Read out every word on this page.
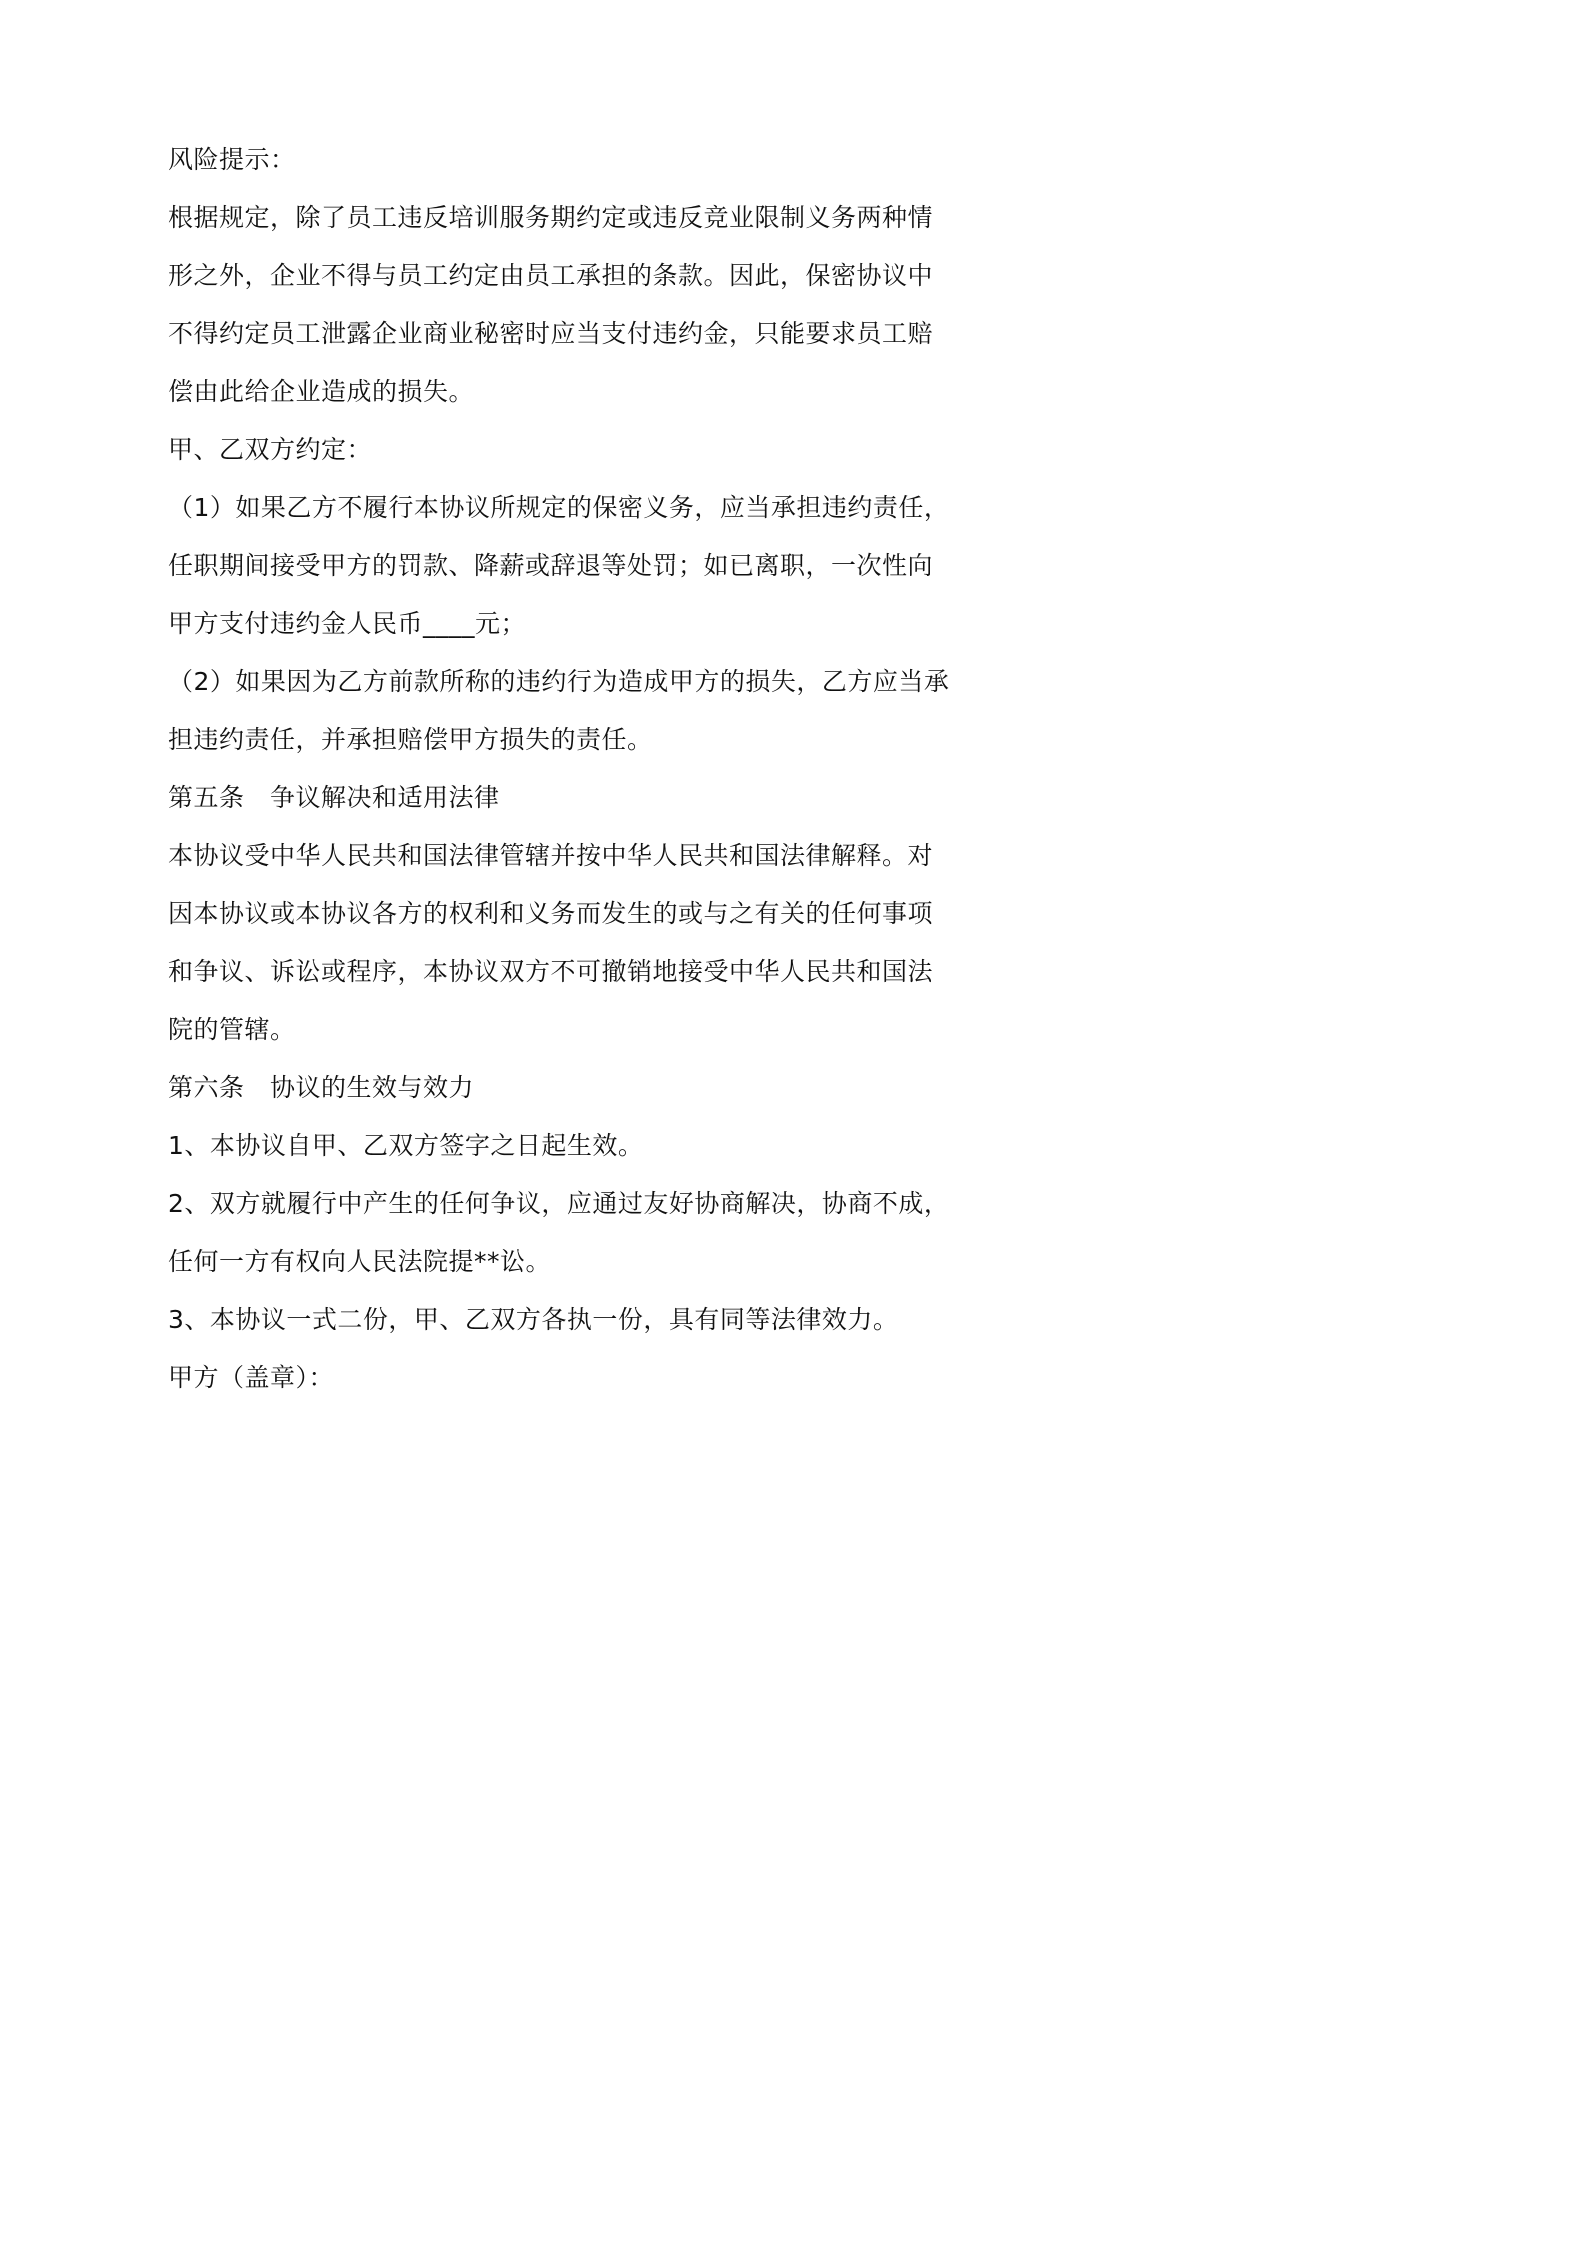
风险提示：

根据规定，除了员工违反培训服务期约定或违反竞业限制义务两种情形之外，企业不得与员工约定由员工承担的条款。因此，保密协议中不得约定员工泄露企业商业秘密时应当支付违约金，只能要求员工赔偿由此给企业造成的损失。

甲、乙双方约定：

（1）如果乙方不履行本协议所规定的保密义务，应当承担违约责任，任职期间接受甲方的罚款、降薪或辞退等处罚；如已离职，一次性向甲方支付违约金人民币____元；

（2）如果因为乙方前款所称的违约行为造成甲方的损失，乙方应当承担违约责任，并承担赔偿甲方损失的责任。

第五条　争议解决和适用法律

本协议受中华人民共和国法律管辖并按中华人民共和国法律解释。对因本协议或本协议各方的权利和义务而发生的或与之有关的任何事项和争议、诉讼或程序，本协议双方不可撤销地接受中华人民共和国法院的管辖。

第六条　协议的生效与效力

1、本协议自甲、乙双方签字之日起生效。

2、双方就履行中产生的任何争议，应通过友好协商解决，协商不成，任何一方有权向人民法院提**讼。

3、本协议一式二份，甲、乙双方各执一份，具有同等法律效力。

甲方（盖章）：
